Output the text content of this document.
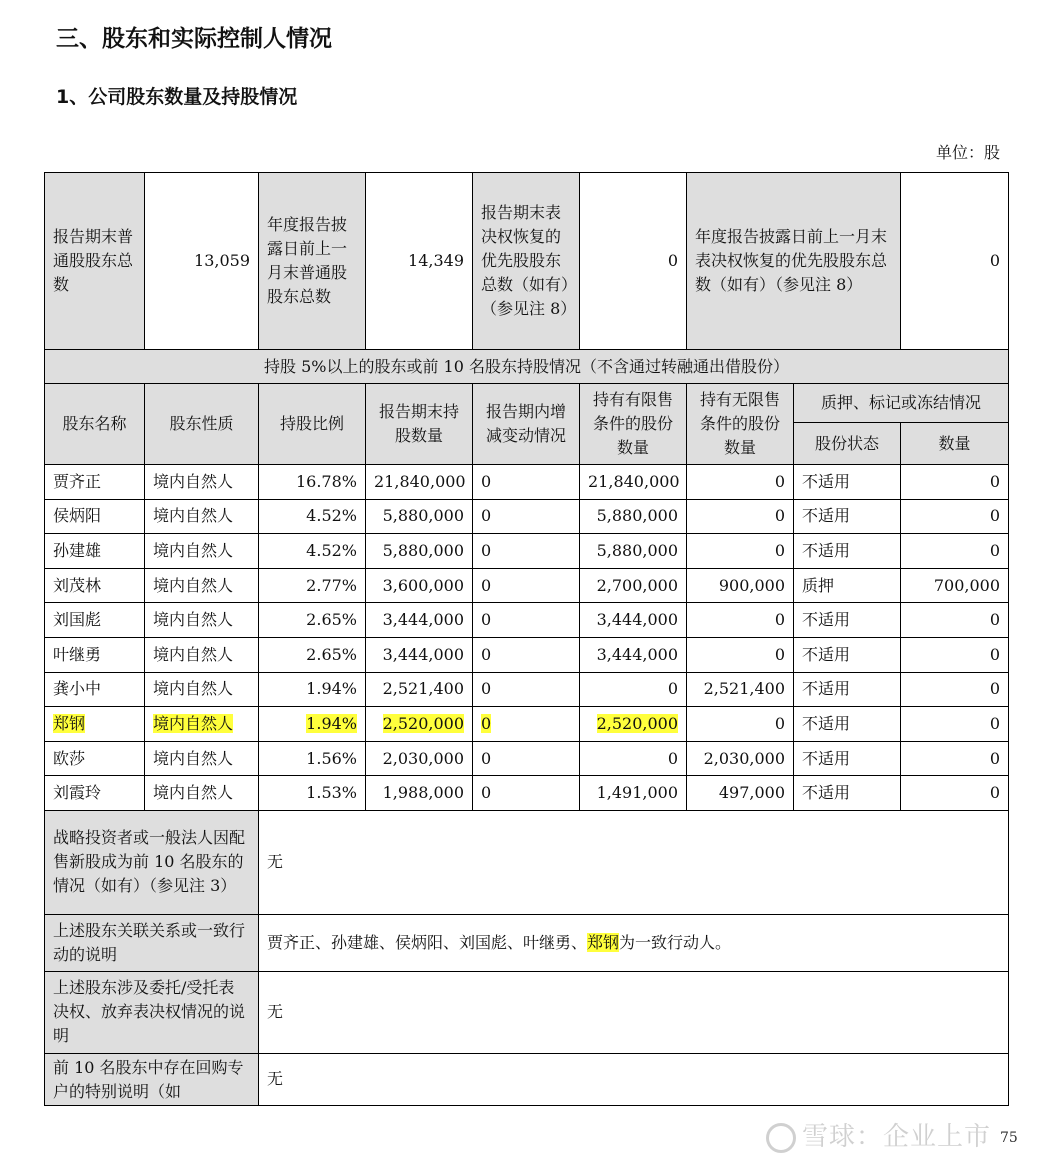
三、股东和实际控制人情况
1、公司股东数量及持股情况
单位：股
报告期末普通股股东总数	13,059	年度报告披露日前上一月末普通股股东总数	14,349	报告期末表决权恢复的优先股股东总数（如有）（参见注 8）	0	年度报告披露日前上一月末表决权恢复的优先股股东总数（如有）（参见注 8）		0
持股 5%以上的股东或前 10 名股东持股情况（不含通过转融通出借股份）								
股东名称	股东性质	持股比例	报告期末持股数量	报告期内增减变动情况	持有有限售条件的股份数量	持有无限售条件的股份数量	质押、标记或冻结情况	
							股份状态	数量
贾齐正	境内自然人	16.78%	21,840,000	0	21,840,000	0	不适用	0
侯炳阳	境内自然人	4.52%	5,880,000	0	5,880,000	0	不适用	0
孙建雄	境内自然人	4.52%	5,880,000	0	5,880,000	0	不适用	0
刘茂林	境内自然人	2.77%	3,600,000	0	2,700,000	900,000	质押	700,000
刘国彪	境内自然人	2.65%	3,444,000	0	3,444,000	0	不适用	0
叶继勇	境内自然人	2.65%	3,444,000	0	3,444,000	0	不适用	0
龚小中	境内自然人	1.94%	2,521,400	0	0	2,521,400	不适用	0
郑钢	境内自然人	1.94%	2,520,000	0	2,520,000	0	不适用	0
欧莎	境内自然人	1.56%	2,030,000	0	0	2,030,000	不适用	0
刘霞玲	境内自然人	1.53%	1,988,000	0	1,491,000	497,000	不适用	0
战略投资者或一般法人因配售新股成为前 10 名股东的情况（如有）（参见注 3）		无						
上述股东关联关系或一致行动的说明		贾齐正、孙建雄、侯炳阳、刘国彪、叶继勇、郑钢为一致行动人。						
上述股东涉及委托/受托表决权、放弃表决权情况的说明		无						
前 10 名股东中存在回购专户的特别说明（如		无						
雪球：企业上市 75
